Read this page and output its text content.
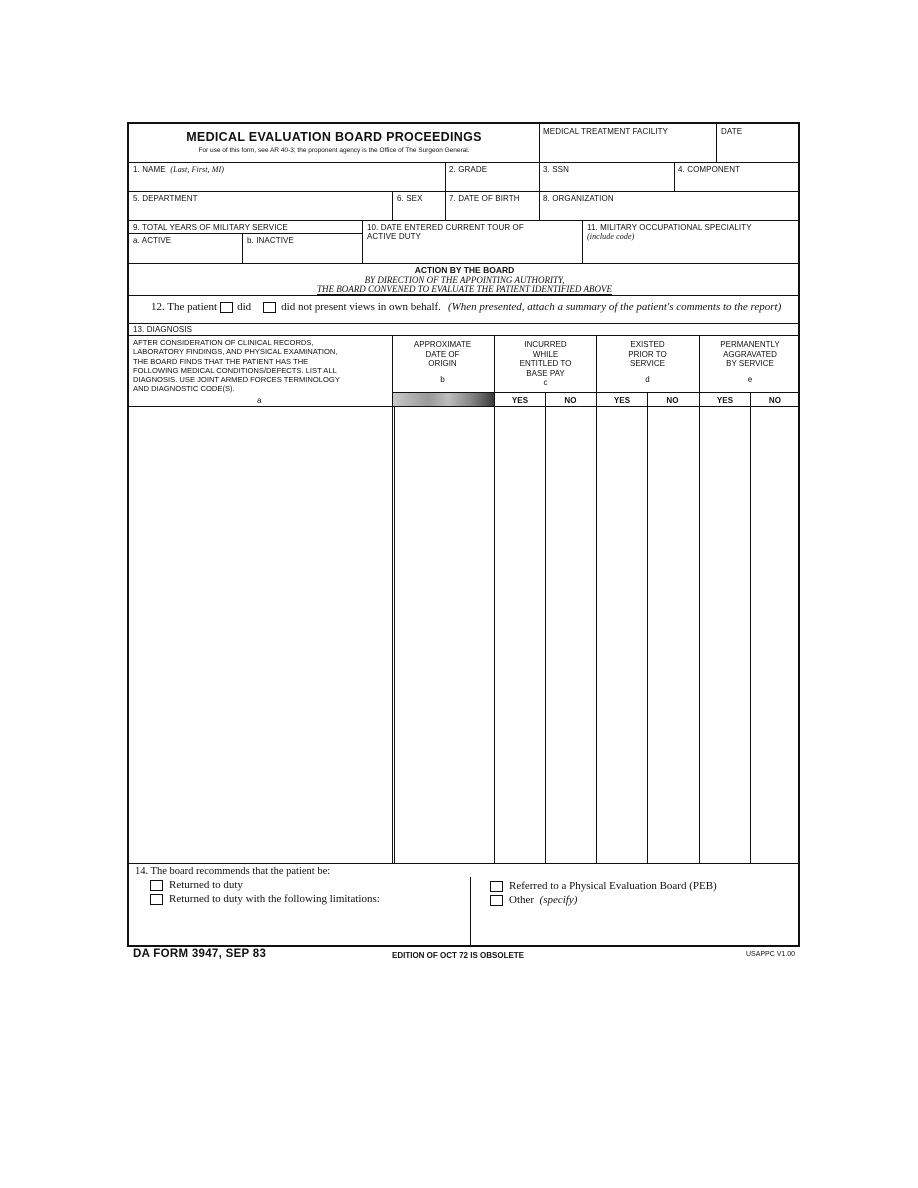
MEDICAL EVALUATION BOARD PROCEEDINGS
For use of this form, see AR 40-3; the proponent agency is the Office of The Surgeon General.
MEDICAL TREATMENT FACILITY	DATE
1. NAME (Last, First, MI)	2. GRADE	3. SSN	4. COMPONENT
5. DEPARTMENT	6. SEX	7. DATE OF BIRTH	8. ORGANIZATION
9. TOTAL YEARS OF MILITARY SERVICE
a. ACTIVE	b. INACTIVE
10. DATE ENTERED CURRENT TOUR OF
ACTIVE DUTY
11. MILITARY OCCUPATIONAL SPECIALITY
(include code)
ACTION BY THE BOARD
BY DIRECTION OF THE APPOINTING AUTHORITY,
THE BOARD CONVENED TO EVALUATE THE PATIENT IDENTIFIED ABOVE
12. The patient did	did not present views in own behalf. (When presented, attach a summary of the patient's comments to the report)
13. DIAGNOSIS
AFTER CONSIDERATION OF CLINICAL RECORDS,
LABORATORY FINDINGS, AND PHYSICAL EXAMINATION,
THE BOARD FINDS THAT THE PATIENT HAS THE
FOLLOWING MEDICAL CONDITIONS/DEFECTS. LIST ALL
DIAGNOSIS. USE JOINT ARMED FORCES TERMINOLOGY
AND DIAGNOSTIC CODE(S).
a
APPROXIMATE
DATE OF
ORIGIN
b
INCURRED
WHILE
ENTITLED TO
BASE PAY
c
EXISTED
PRIOR TO
SERVICE
d
PERMANENTLY
AGGRAVATED
BY SERVICE
e
YES	NO	YES	NO	YES	NO
14. The board recommends that the patient be:
Returned to duty
Returned to duty with the following limitations:
Referred to a Physical Evaluation Board (PEB)
Other
(specify)
DA FORM 3947, SEP 83	EDITION OF OCT 72 IS OBSOLETE	USAPPC V1.00
